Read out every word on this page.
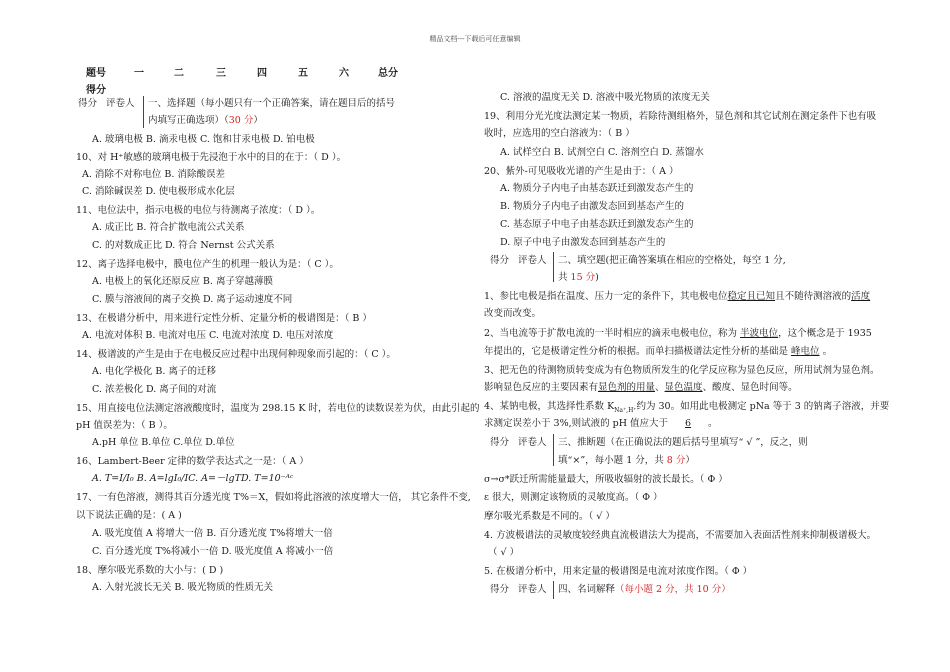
精品文档---下载后可任意编辑
题号	一	二	三	四	五	六	总分
得分
得分 评卷人 一、选择题（每小题只有一个正确答案，请在题目后的括号
内填写正确选项）（30 分）
A. 玻璃电极 B. 滴汞电极 C. 饱和甘汞电极 D. 铂电极
10、对 H⁺敏感的玻璃电极于先浸泡于水中的目的在于：（ D ）。
A. 消除不对称电位 B. 消除酸误差
C. 消除碱误差 D. 使电极形成水化层
11、电位法中，指示电极的电位与待测离子浓度：（ D ）。
A. 成正比 B. 符合扩散电流公式关系
C. 的对数成正比 D. 符合 Nernst 公式关系
12、离子选择电极中，膜电位产生的机理一般认为是：（ C ）。
A. 电极上的氧化还原反应 B. 离子穿越薄膜
C. 膜与溶液间的离子交换 D. 离子运动速度不同
13、在极谱分析中，用来进行定性分析、定量分析的极谱图是：（ B ）
A. 电流对体积 B. 电流对电压 C. 电流对浓度 D. 电压对浓度
14、极谱波的产生是由于在电极反应过程中出现何种现象而引起的：（ C ）。
A. 电化学极化 B. 离子的迁移
C. 浓差极化 D. 离子间的对流
15、用直接电位法测定溶液酸度时，温度为 298.15 K 时，若电位的读数误差为伏，由此引起的
pH 值误差为：（ B ）。
A.pH 单位 B.单位 C.单位 D.单位
16、Lambert-Beer 定律的数学表达式之一是：（ A ）
A. T=I/I₀ B. A=lgI₀/IC. A=－lgTD. T=10⁻ᴬᶜ
17、一有色溶液，测得其百分透光度 T%＝X，假如将此溶液的浓度增大一倍， 其它条件不变,
以下说法正确的是：( A )
A. 吸光度值 A 将增大一倍 B. 百分透光度 T%将增大一倍
C. 百分透光度 T%将减小一倍 D. 吸光度值 A 将减小一倍
18、摩尔吸光系数的大小与：( D )
A. 入射光波长无关 B. 吸光物质的性质无关
C. 溶液的温度无关 D. 溶液中吸光物质的浓度无关
19、利用分光光度法测定某一物质，若除待测组格外，显色剂和其它试剂在测定条件下也有吸
收时，应选用的空白溶液为：（ B ）
A. 试样空白 B. 试剂空白 C. 溶剂空白 D. 蒸馏水
20、紫外-可见吸收光谱的产生是由于：（ A ）
A. 物质分子内电子由基态跃迁到激发态产生的
B. 物质分子内电子由激发态回到基态产生的
C. 基态原子中电子由基态跃迁到激发态产生的
D. 原子中电子由激发态回到基态产生的
得分 评卷人 二、填空题(把正确答案填在相应的空格处，每空 1 分,
共 15 分)
1、参比电极是指在温度、压力一定的条件下，其电极电位稳定且已知且不随待测溶液的活度
改变而改变。
2、当电流等于扩散电流的一半时相应的滴汞电极电位，称为 半波电位，这个概念是于 1935
年提出的，它是极谱定性分析的根据。而单扫描极谱法定性分析的基础是 峰电位 。
3、把无色的待测物质转变成为有色物质所发生的化学反应称为显色反应，所用试剂为显色剂。
影响显色反应的主要因素有显色剂的用量、显色温度、酸度、显色时间等。
4、某钠电极，其选择性系数 $K_{Na^+,H^+}$约为 30。如用此电极测定 pNa 等于 3 的钠离子溶液，并要
求测定误差小于 3%,则试液的 pH 值应大于 6 。
得分 评卷人 三、推断题（在正确说法的题后括号里填写“ √ ”，反之，则
填“×”，每小题 1 分，共 8 分）
σ→σ*跃迁所需能量最大，所吸收辐射的波长最长。（ Φ ）
ε 很大，则测定该物质的灵敏度高。（ Φ ）
摩尔吸光系数是不同的。（ √ ）
4. 方波极谱法的灵敏度较经典直流极谱法大为提高，不需要加入表面活性剂来抑制极谱极大。
（ √ ）
5. 在极谱分析中，用来定量的极谱图是电流对浓度作图。（ Φ ）
得分 评卷人 四、名词解释（每小题 2 分，共 10 分）
